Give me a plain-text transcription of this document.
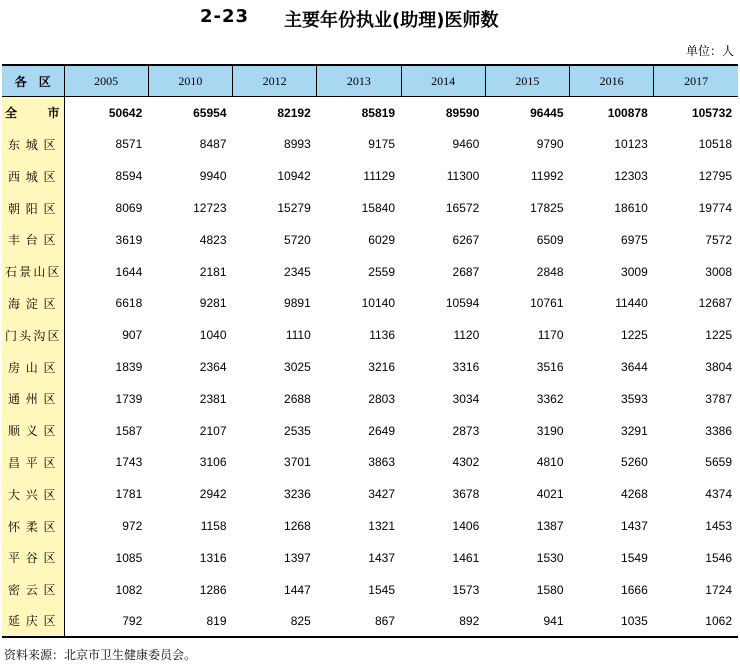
2-23 主要年份执业(助理)医师数
单位：人
各　区	2005	2010	2012	2013	2014	2015	2016	2017
全　　市	50642	65954	82192	85819	89590	96445	100878	105732
东城区	8571	8487	8993	9175	9460	9790	10123	10518
西城区	8594	9940	10942	11129	11300	11992	12303	12795
朝阳区	8069	12723	15279	15840	16572	17825	18610	19774
丰台区	3619	4823	5720	6029	6267	6509	6975	7572
石景山区	1644	2181	2345	2559	2687	2848	3009	3008
海淀区	6618	9281	9891	10140	10594	10761	11440	12687
门头沟区	907	1040	1110	1136	1120	1170	1225	1225
房山区	1839	2364	3025	3216	3316	3516	3644	3804
通州区	1739	2381	2688	2803	3034	3362	3593	3787
顺义区	1587	2107	2535	2649	2873	3190	3291	3386
昌平区	1743	3106	3701	3863	4302	4810	5260	5659
大兴区	1781	2942	3236	3427	3678	4021	4268	4374
怀柔区	972	1158	1268	1321	1406	1387	1437	1453
平谷区	1085	1316	1397	1437	1461	1530	1549	1546
密云区	1082	1286	1447	1545	1573	1580	1666	1724
延庆区	792	819	825	867	892	941	1035	1062
资料来源：北京市卫生健康委员会。
